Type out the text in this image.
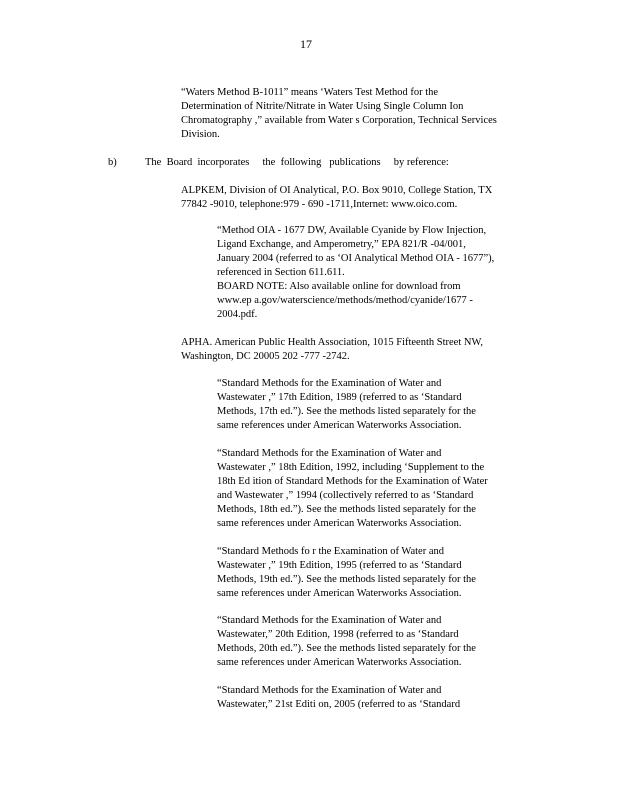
17
“Waters Method B-1011” means ‘Waters Test Method for the
Determination of Nitrite/Nitrate in Water Using Single Column Ion
Chromatography ,” available from Water s Corporation, Technical Services
Division.
b)	The  Board  incorporates     the  following   publications     by reference:
ALPKEM, Division of OI Analytical, P.O. Box 9010, College Station, TX
77842 -9010, telephone:979 - 690 -1711,Internet: www.oico.com.
“Method OIA - 1677 DW, Available Cyanide by Flow Injection,
Ligand Exchange, and Amperometry,” EPA 821/R -04/001,
January 2004 (referred to as ‘OI Analytical Method OIA - 1677”),
referenced in Section 611.611.
BOARD NOTE: Also available online for download from
www.ep a.gov/waterscience/methods/method/cyanide/1677 -
2004.pdf.
APHA. American Public Health Association, 1015 Fifteenth Street NW,
Washington, DC 20005 202 -777 -2742.
“Standard Methods for the Examination of Water and
Wastewater ,” 17th Edition, 1989 (referred to as ‘Standard
Methods, 17th ed.”). See the methods listed separately for the
same references under American Waterworks Association.
“Standard Methods for the Examination of Water and
Wastewater ,” 18th Edition, 1992, including ‘Supplement to the
18th Ed ition of Standard Methods for the Examination of Water
and Wastewater ,” 1994 (collectively referred to as ‘Standard
Methods, 18th ed.”). See the methods listed separately for the
same references under American Waterworks Association.
“Standard Methods fo r the Examination of Water and
Wastewater ,” 19th Edition, 1995 (referred to as ‘Standard
Methods, 19th ed.”). See the methods listed separately for the
same references under American Waterworks Association.
“Standard Methods for the Examination of Water and
Wastewater,” 20th Edition, 1998 (referred to as ‘Standard
Methods, 20th ed.”). See the methods listed separately for the
same references under American Waterworks Association.
“Standard Methods for the Examination of Water and
Wastewater,” 21st Editi on, 2005 (referred to as ‘Standard
